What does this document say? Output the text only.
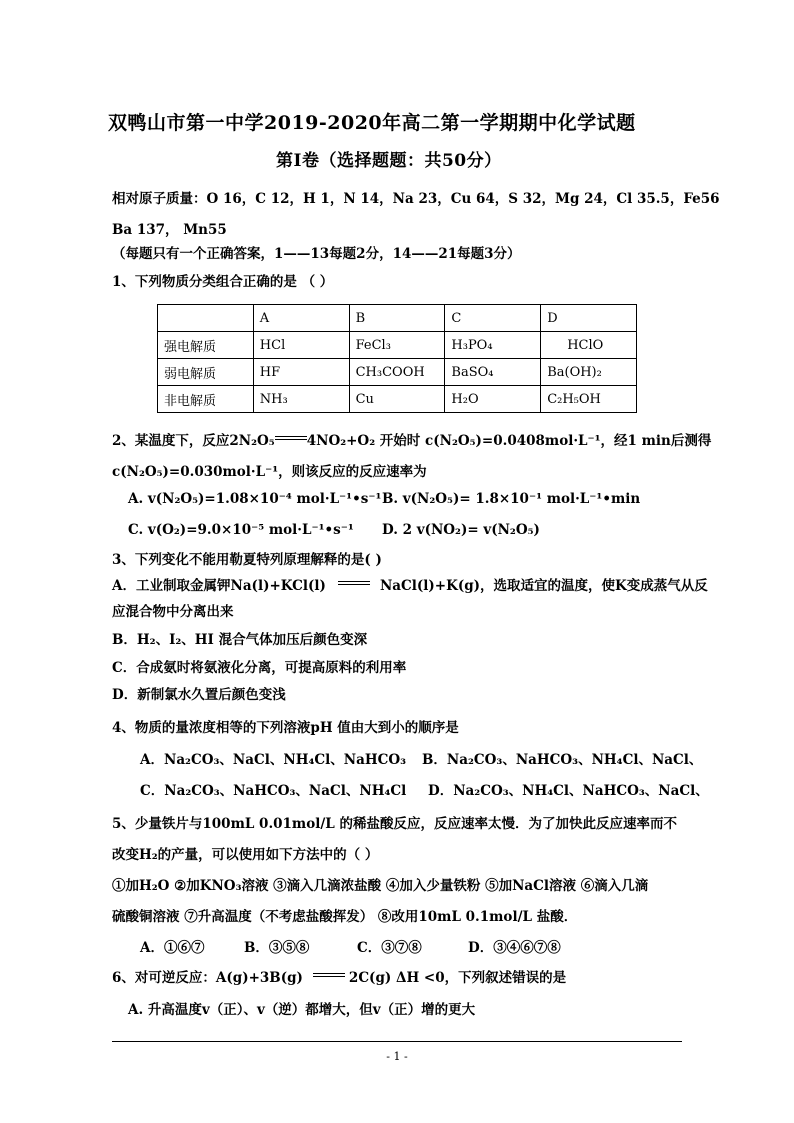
双鸭山市第一中学2019-2020年高二第一学期期中化学试题
第Ⅰ卷（选择题题：共50分）
相对原子质量：O 16，C 12，H 1，N 14，Na 23，Cu 64，S 32，Mg 24，Cl 35.5，Fe56
Ba 137， Mn55
（每题只有一个正确答案，1——13每题2分，14——21每题3分）
1、下列物质分类组合正确的是 （ ）
	A	B	C	D
强电解质	HCl	FeCl₃	H₃PO₄	HClO
弱电解质	HF	CH₃COOH	BaSO₄	Ba(OH)₂
非电解质	NH₃	Cu	H₂O	C₂H₅OH
2、某温度下，反应2N₂O₅ 4NO₂+O₂ 开始时 c(N₂O₅)=0.0408mol·L⁻¹，经1 min后测得
c(N₂O₅)=0.030mol·L⁻¹，则该反应的反应速率为
A. v(N₂O₅)=1.08×10⁻⁴ mol·L⁻¹•s⁻¹ B. v(N₂O₅)= 1.8×10⁻¹ mol·L⁻¹•min
C. v(O₂)=9.0×10⁻⁵ mol·L⁻¹•s⁻¹ D. 2 v(NO₂)= v(N₂O₅)
3、下列变化不能用勒夏特列原理解释的是( )
A．工业制取金属钾Na(l)+KCl(l)	NaCl(l)+K(g)，选取适宜的温度，使K变成蒸气从反
应混合物中分离出来
B．H₂、I₂、HI 混合气体加压后颜色变深
C．合成氨时将氨液化分离，可提高原料的利用率
D．新制氯水久置后颜色变浅
4、物质的量浓度相等的下列溶液pH 值由大到小的顺序是
A．Na₂CO₃、NaCl、NH₄Cl、NaHCO₃ B．Na₂CO₃、NaHCO₃、NH₄Cl、NaCl、
C．Na₂CO₃、NaHCO₃、NaCl、NH₄Cl D．Na₂CO₃、NH₄Cl、NaHCO₃、NaCl、
5、少量铁片与100mL 0.01mol/L 的稀盐酸反应，反应速率太慢．为了加快此反应速率而不
改变H₂的产量，可以使用如下方法中的（ ）
①加H₂O ②加KNO₃溶液 ③滴入几滴浓盐酸 ④加入少量铁粉 ⑤加NaCl溶液 ⑥滴入几滴
硫酸铜溶液 ⑦升高温度（不考虑盐酸挥发） ⑧改用10mL 0.1mol/L 盐酸．
A．①⑥⑦	B．③⑤⑧	C．③⑦⑧	D．③④⑥⑦⑧
6、对可逆反应：A(g)+3B(g)	2C(g) ΔH <0，下列叙述错误的是
A. 升高温度v（正）、v（逆）都增大，但v（正）增的更大
- 1 -
